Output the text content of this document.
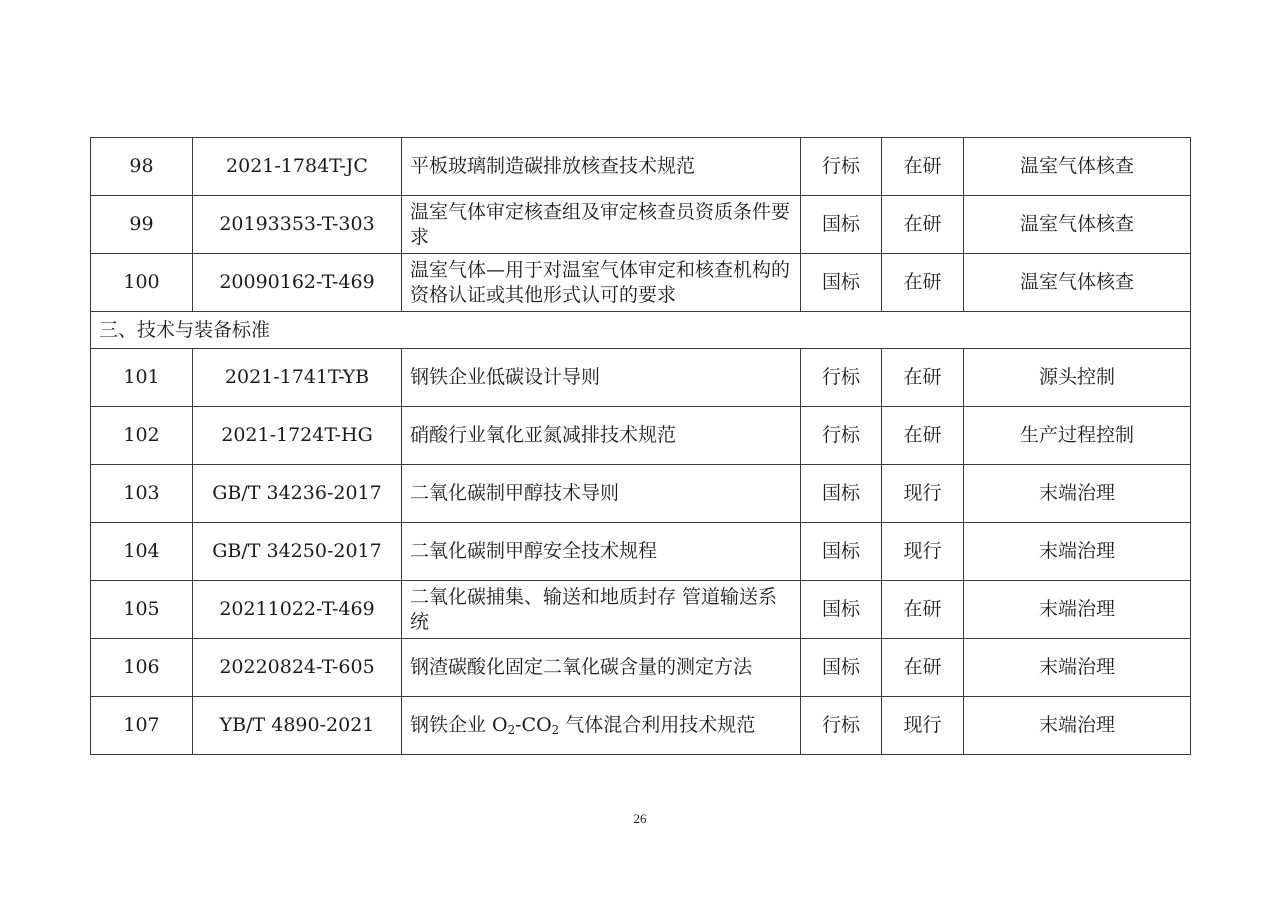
98	2021-1784T-JC	平板玻璃制造碳排放核查技术规范	行标	在研	温室气体核查
99	20193353-T-303	温室气体审定核查组及审定核查员资质条件要求	国标	在研	温室气体核查
100	20090162-T-469	温室气体—用于对温室气体审定和核查机构的资格认证或其他形式认可的要求	国标	在研	温室气体核查
三、技术与装备标准					
101	2021-1741T-YB	钢铁企业低碳设计导则	行标	在研	源头控制
102	2021-1724T-HG	硝酸行业氧化亚氮减排技术规范	行标	在研	生产过程控制
103	GB/T 34236-2017	二氧化碳制甲醇技术导则	国标	现行	末端治理
104	GB/T 34250-2017	二氧化碳制甲醇安全技术规程	国标	现行	末端治理
105	20211022-T-469	二氧化碳捕集、输送和地质封存 管道输送系统	国标	在研	末端治理
106	20220824-T-605	钢渣碳酸化固定二氧化碳含量的测定方法	国标	在研	末端治理
107	YB/T 4890-2021	钢铁企业 $O_2-CO_2$ 气体混合利用技术规范	行标	现行	末端治理
26
